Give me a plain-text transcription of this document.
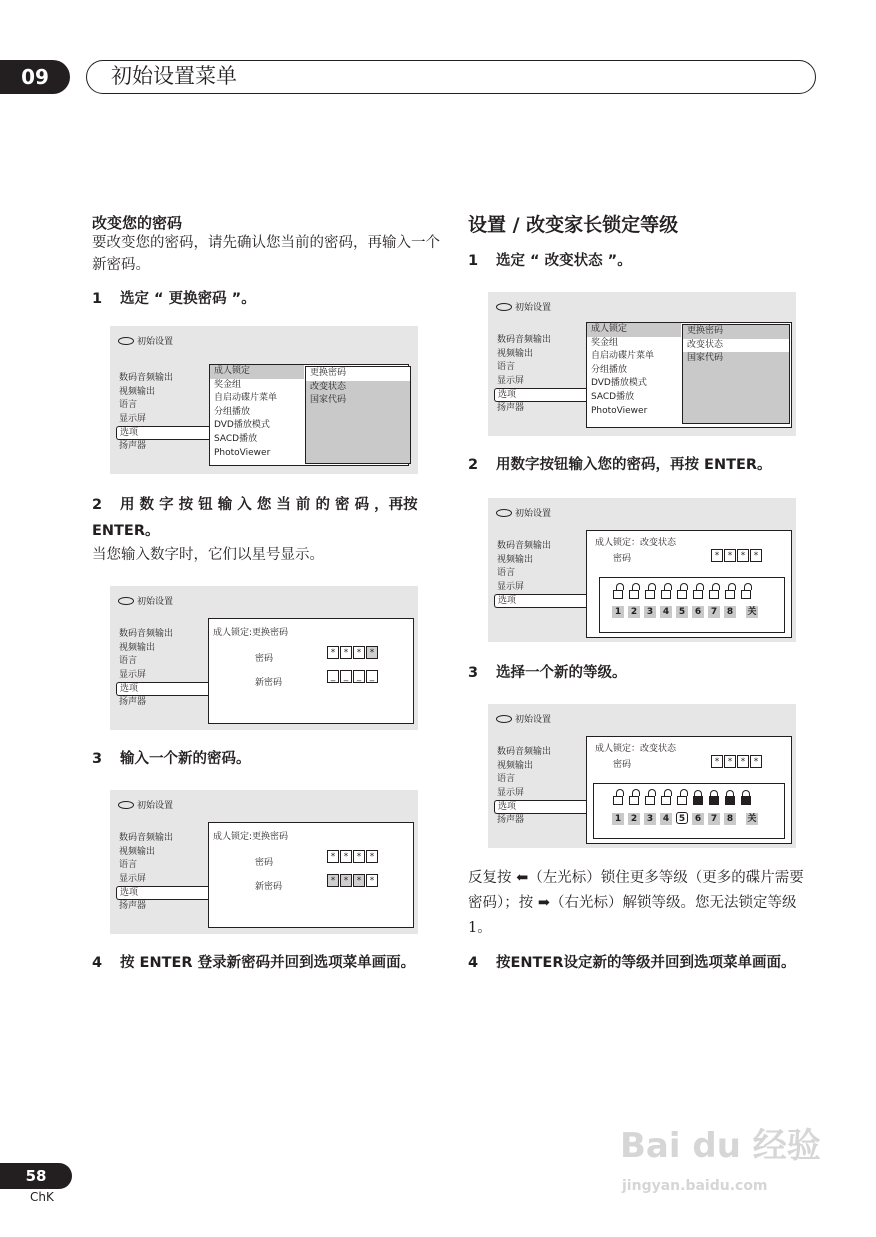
09	初始设置菜单
改变您的密码
要改变您的密码，请先确认您当前的密码，再输入一个新密码。
1 选定 “ 更换密码 ”。
初始设置
数码音频输出
视频输出
语言
显示屏
选项
扬声器
成人锁定
奖金组
自启动碟片菜单
分组播放
DVD播放模式
SACD播放
PhotoViewer
更换密码
改变状态
国家代码
2 用 数 字 按 钮 输 入 您 当 前 的 密 码 ，再按 ENTER。
当您输入数字时，它们以星号显示。
初始设置
数码音频输出
视频输出
语言
显示屏
选项
扬声器
成人锁定:更换密码
密码
* * * *
新密码
_ _ _ _
3 输入一个新的密码。
初始设置
数码音频输出
视频输出
语言
显示屏
选项
扬声器
成人锁定:更换密码
密码
* * * *
新密码
* * * *
4 按 ENTER 登录新密码并回到选项菜单画面。
设置 / 改变家长锁定等级
1 选定 “ 改变状态 ”。
初始设置
数码音频输出
视频输出
语言
显示屏
选项
扬声器
成人锁定
奖金组
自启动碟片菜单
分组播放
DVD播放模式
SACD播放
PhotoViewer
更换密码
改变状态
国家代码
2 用数字按钮输入您的密码，再按 ENTER。
初始设置
数码音频输出
视频输出
语言
显示屏
选项
成人锁定：改变状态
密码	* * * *
1 2 3 4 5 6 7 8 关
3 选择一个新的等级。
初始设置
数码音频输出
视频输出
语言
显示屏
选项
扬声器
成人锁定：改变状态
密码	* * * *
1 2 3 4 5 6 7 8 关
反复按 ⬅（左光标）锁住更多等级（更多的碟片需要密码）；按 ➡（右光标）解锁等级。您无法锁定等级 1。
4 按ENTER设定新的等级并回到选项菜单画面。
Bai du 经验
jingyan.baidu.com
58
ChK
